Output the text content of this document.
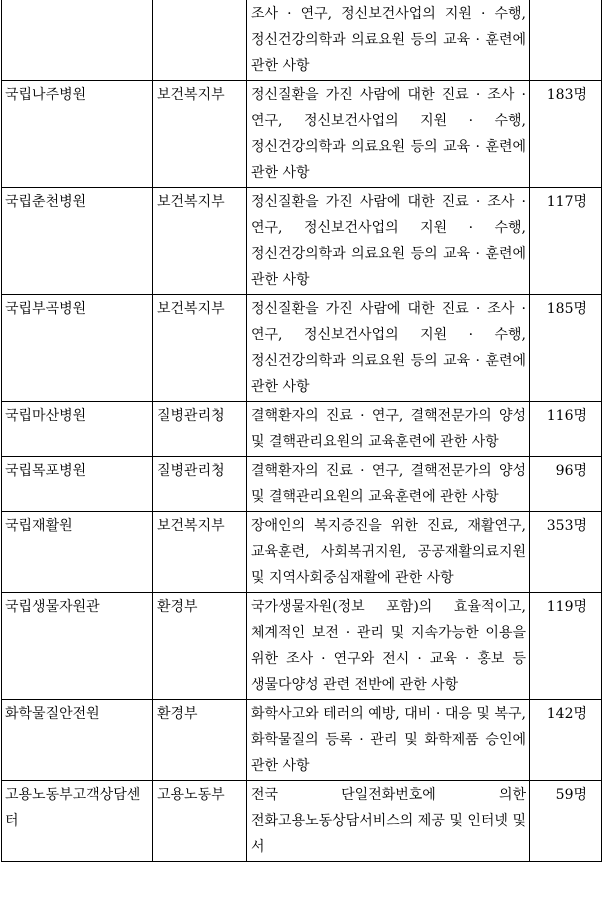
		조사 · 연구, 정신보건사업의 지원 · 수행, 정신건강의학과 의료요원 등의 교육 · 훈련에 관한 사항	
국립나주병원	보건복지부	정신질환을 가진 사람에 대한 진료 · 조사 · 연구, 정신보건사업의 지원 · 수행, 정신건강의학과 의료요원 등의 교육 · 훈련에 관한 사항	183명
국립춘천병원	보건복지부	정신질환을 가진 사람에 대한 진료 · 조사 · 연구, 정신보건사업의 지원 · 수행, 정신건강의학과 의료요원 등의 교육 · 훈련에 관한 사항	117명
국립부곡병원	보건복지부	정신질환을 가진 사람에 대한 진료 · 조사 · 연구, 정신보건사업의 지원 · 수행, 정신건강의학과 의료요원 등의 교육 · 훈련에 관한 사항	185명
국립마산병원	질병관리청	결핵환자의 진료 · 연구, 결핵전문가의 양성 및 결핵관리요원의 교육훈련에 관한 사항	116명
국립목포병원	질병관리청	결핵환자의 진료 · 연구, 결핵전문가의 양성 및 결핵관리요원의 교육훈련에 관한 사항	96명
국립재활원	보건복지부	장애인의 복지증진을 위한 진료, 재활연구, 교육훈련, 사회복귀지원, 공공재활의료지원 및 지역사회중심재활에 관한 사항	353명
국립생물자원관	환경부	국가생물자원(정보 포함)의 효율적이고, 체계적인 보전 · 관리 및 지속가능한 이용을 위한 조사 · 연구와 전시 · 교육 · 홍보 등 생물다양성 관련 전반에 관한 사항	119명
화학물질안전원	환경부	화학사고와 테러의 예방, 대비 · 대응 및 복구, 화학물질의 등록 · 관리 및 화학제품 승인에 관한 사항	142명
고용노동부고객상담센터	고용노동부	전국 단일전화번호에 의한 전화고용노동상담서비스의 제공 및 인터넷 및 서	59명
